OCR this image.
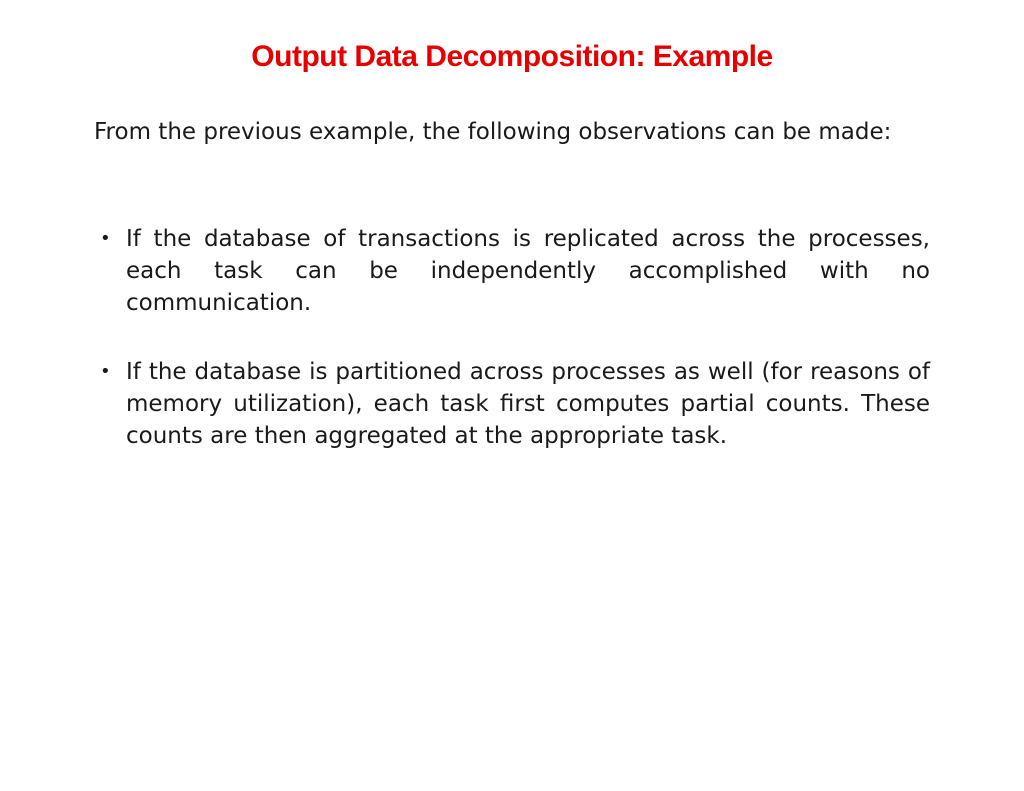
Output Data Decomposition: Example

From the previous example, the following observations can be made:

• If the database of transactions is replicated across the processes, each task can be independently accomplished with no communication.
• If the database is partitioned across processes as well (for reasons of memory utilization), each task first computes partial counts. These counts are then aggregated at the appropriate task.
